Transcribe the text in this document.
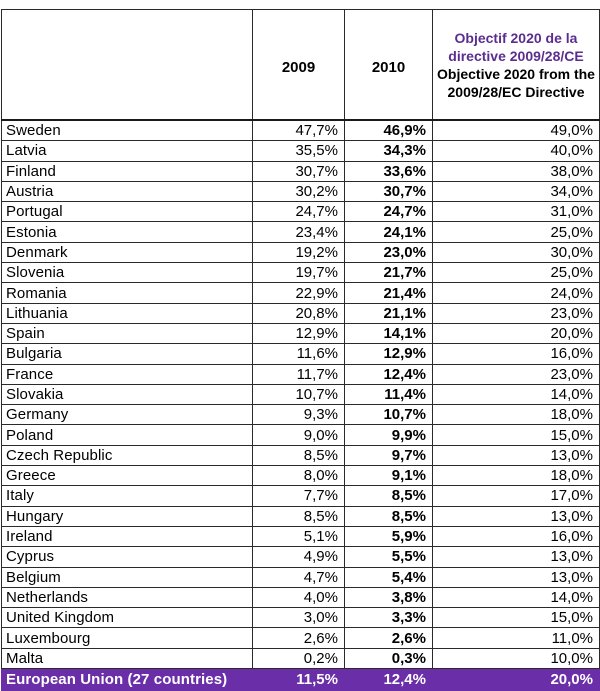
	2009	2010	Objectif 2020 de la directive 2009/28/CE
Objective 2020 from the 2009/28/EC Directive

Sweden	47,7%	46,9%	49,0%
Latvia	35,5%	34,3%	40,0%
Finland	30,7%	33,6%	38,0%
Austria	30,2%	30,7%	34,0%
Portugal	24,7%	24,7%	31,0%
Estonia	23,4%	24,1%	25,0%
Denmark	19,2%	23,0%	30,0%
Slovenia	19,7%	21,7%	25,0%
Romania	22,9%	21,4%	24,0%
Lithuania	20,8%	21,1%	23,0%
Spain	12,9%	14,1%	20,0%
Bulgaria	11,6%	12,9%	16,0%
France	11,7%	12,4%	23,0%
Slovakia	10,7%	11,4%	14,0%
Germany	9,3%	10,7%	18,0%
Poland	9,0%	9,9%	15,0%
Czech Republic	8,5%	9,7%	13,0%
Greece	8,0%	9,1%	18,0%
Italy	7,7%	8,5%	17,0%
Hungary	8,5%	8,5%	13,0%
Ireland	5,1%	5,9%	16,0%
Cyprus	4,9%	5,5%	13,0%
Belgium	4,7%	5,4%	13,0%
Netherlands	4,0%	3,8%	14,0%
United Kingdom	3,0%	3,3%	15,0%
Luxembourg	2,6%	2,6%	11,0%
Malta	0,2%	0,3%	10,0%
European Union (27 countries)	11,5%	12,4%	20,0%
